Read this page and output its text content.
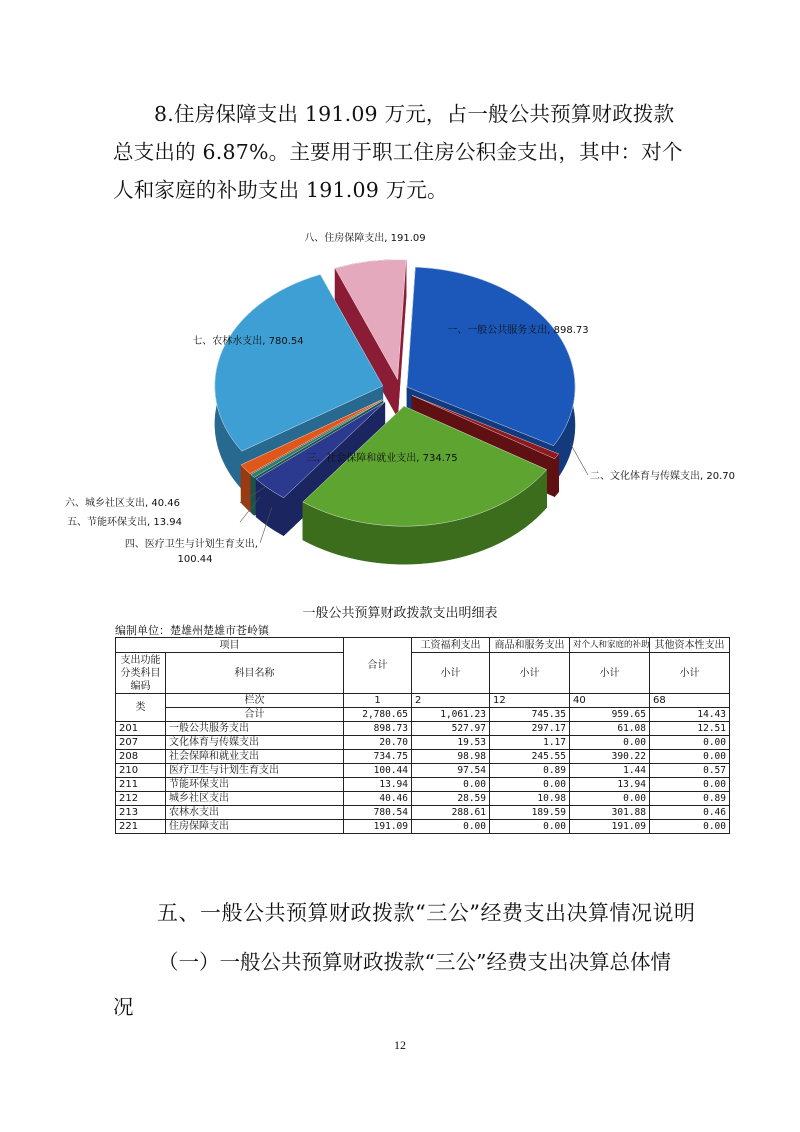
8.住房保障支出 191.09 万元，占一般公共预算财政拨款总支出的 6.87%。主要用于职工住房公积金支出，其中：对个人和家庭的补助支出 191.09 万元。

一、一般公共服务支出, 898.73
二、文化体育与传媒支出, 20.70
三、社会保障和就业支出, 734.75
四、医疗卫生与计划生育支出,
100.44
五、节能环保支出, 13.94
六、城乡社区支出, 40.46
七、农林水支出, 780.54
八、住房保障支出, 191.09
一般公共预算财政拨款支出明细表
编制单位：楚雄州楚雄市苍岭镇
项目		合计	工资福利支出	商品和服务支出	对个人和家庭的补助	其他资本性支出
支出功能分类科目编码	科目名称		小计	小计	小计	小计

类	栏次	1	2	12	40	68
	合计	2,780.65	1,061.23	745.35	959.65	14.43
201	一般公共服务支出	898.73	527.97	297.17	61.08	12.51
207	文化体育与传媒支出	20.70	19.53	1.17	0.00	0.00
208	社会保障和就业支出	734.75	98.98	245.55	390.22	0.00
210	医疗卫生与计划生育支出	100.44	97.54	0.89	1.44	0.57
211	节能环保支出	13.94	0.00	0.00	13.94	0.00
212	城乡社区支出	40.46	28.59	10.98	0.00	0.89
213	农林水支出	780.54	288.61	189.59	301.88	0.46
221	住房保障支出	191.09	0.00	0.00	191.09	0.00

五、一般公共预算财政拨款“三公”经费支出决算情况说明

（一）一般公共预算财政拨款“三公”经费支出决算总体情况

12
